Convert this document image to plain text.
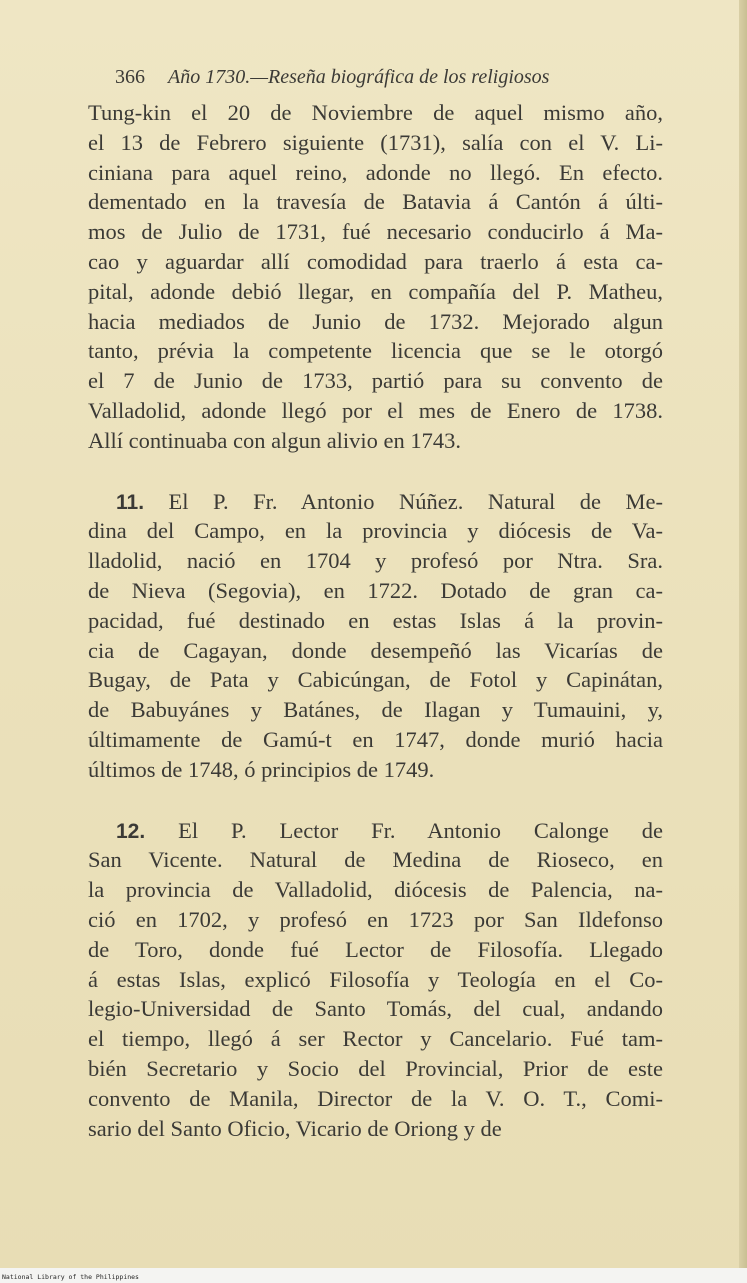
366 Año 1730.—Reseña biográfica de los religiosos
Tung-kin el 20 de Noviembre de aquel mismo año,
el 13 de Febrero siguiente (1731), salía con el V. Li-
ciniana para aquel reino, adonde no llegó. En efecto.
dementado en la travesía de Batavia á Cantón á últi-
mos de Julio de 1731, fué necesario conducirlo á Ma-
cao y aguardar allí comodidad para traerlo á esta ca-
pital, adonde debió llegar, en compañía del P. Matheu,
hacia mediados de Junio de 1732. Mejorado algun
tanto, prévia la competente licencia que se le otorgó
el 7 de Junio de 1733, partió para su convento de
Valladolid, adonde llegó por el mes de Enero de 1738.
Allí continuaba con algun alivio en 1743.
11. El P. Fr. Antonio Núñez. Natural de Me-
dina del Campo, en la provincia y diócesis de Va-
lladolid, nació en 1704 y profesó por Ntra. Sra.
de Nieva (Segovia), en 1722. Dotado de gran ca-
pacidad, fué destinado en estas Islas á la provin-
cia de Cagayan, donde desempeñó las Vicarías de
Bugay, de Pata y Cabicúngan, de Fotol y Capinátan,
de Babuyánes y Batánes, de Ilagan y Tumauini, y,
últimamente de Gamú-t en 1747, donde murió hacia
últimos de 1748, ó principios de 1749.
12. El P. Lector Fr. Antonio Calonge de
San Vicente. Natural de Medina de Rioseco, en
la provincia de Valladolid, diócesis de Palencia, na-
ció en 1702, y profesó en 1723 por San Ildefonso
de Toro, donde fué Lector de Filosofía. Llegado
á estas Islas, explicó Filosofía y Teología en el Co-
legio-Universidad de Santo Tomás, del cual, andando
el tiempo, llegó á ser Rector y Cancelario. Fué tam-
bién Secretario y Socio del Provincial, Prior de este
convento de Manila, Director de la V. O. T., Comi-
sario del Santo Oficio, Vicario de Oriong y de
National Library of the Philippines
